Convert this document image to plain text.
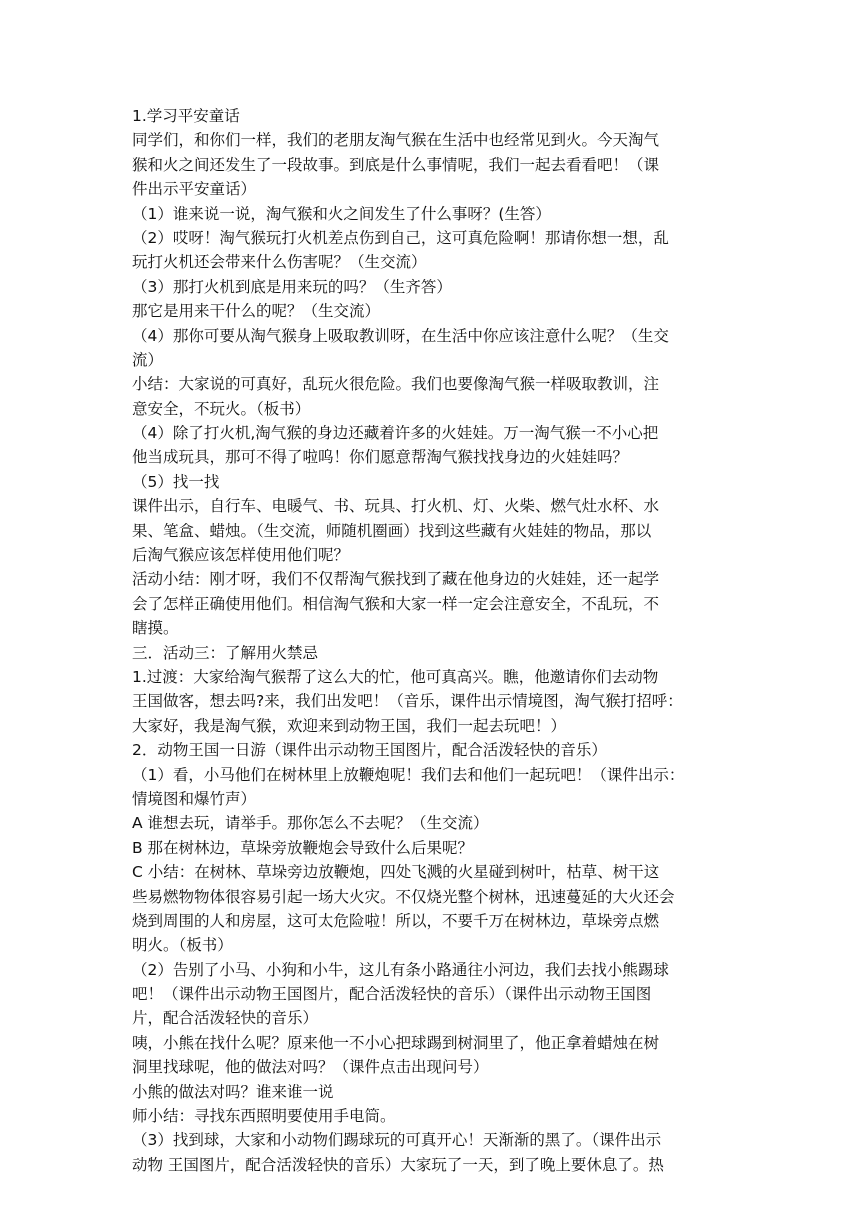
1.学习平安童话
同学们，和你们一样，我们的老朋友淘气猴在生活中也经常见到火。今天淘气
猴和火之间还发生了一段故事。到底是什么事情呢，我们一起去看看吧！（课
件出示平安童话）
（1）谁来说一说，淘气猴和火之间发生了什么事呀？(生答）
（2）哎呀！淘气猴玩打火机差点伤到自己，这可真危险啊！那请你想一想，乱
玩打火机还会带来什么伤害呢？（生交流）
（3）那打火机到底是用来玩的吗？（生齐答）
那它是用来干什么的呢？（生交流）
（4）那你可要从淘气猴身上吸取教训呀，在生活中你应该注意什么呢？（生交
流）
小结：大家说的可真好，乱玩火很危险。我们也要像淘气猴一样吸取教训，注
意安全，不玩火。（板书）
（4）除了打火机,淘气猴的身边还藏着许多的火娃娃。万一淘气猴一不小心把
他当成玩具，那可不得了啦呜！你们愿意帮淘气猴找找身边的火娃娃吗？
（5）找一找
课件出示，自行车、电暖气、书、玩具、打火机、灯、火柴、燃气灶水杯、水
果、笔盒、蜡烛。（生交流，师随机圈画）找到这些藏有火娃娃的物品，那以
后淘气猴应该怎样使用他们呢？
活动小结：刚才呀，我们不仅帮淘气猴找到了藏在他身边的火娃娃，还一起学
会了怎样正确使用他们。相信淘气猴和大家一样一定会注意安全，不乱玩，不
瞎摸。
三．活动三：了解用火禁忌
1.过渡：大家给淘气猴帮了这么大的忙，他可真高兴。瞧，他邀请你们去动物
王国做客，想去吗?来，我们出发吧！（音乐，课件出示情境图，淘气猴打招呼：
大家好，我是淘气猴，欢迎来到动物王国，我们一起去玩吧！）
2．动物王国一日游（课件出示动物王国图片，配合活泼轻快的音乐）
（1）看，小马他们在树林里上放鞭炮呢！我们去和他们一起玩吧！（课件出示：
情境图和爆竹声）
A 谁想去玩，请举手。那你怎么不去呢？（生交流）
B 那在树林边，草垛旁放鞭炮会导致什么后果呢？
C 小结：在树林、草垛旁边放鞭炮，四处飞溅的火星碰到树叶，枯草、树干这
些易燃物物体很容易引起一场大火灾。不仅烧光整个树林，迅速蔓延的大火还会
烧到周围的人和房屋，这可太危险啦！所以，不要千万在树林边，草垛旁点燃
明火。（板书）
（2）告别了小马、小狗和小牛，这儿有条小路通往小河边，我们去找小熊踢球
吧！（课件出示动物王国图片，配合活泼轻快的音乐）（课件出示动物王国图
片，配合活泼轻快的音乐）
咦，小熊在找什么呢？原来他一不小心把球踢到树洞里了，他正拿着蜡烛在树
洞里找球呢，他的做法对吗？（课件点击出现问号）
小熊的做法对吗？谁来谁一说
师小结：寻找东西照明要使用手电筒。
（3）找到球，大家和小动物们踢球玩的可真开心！天渐渐的黑了。（课件出示
动物 王国图片，配合活泼轻快的音乐）大家玩了一天，到了晚上要休息了。热
